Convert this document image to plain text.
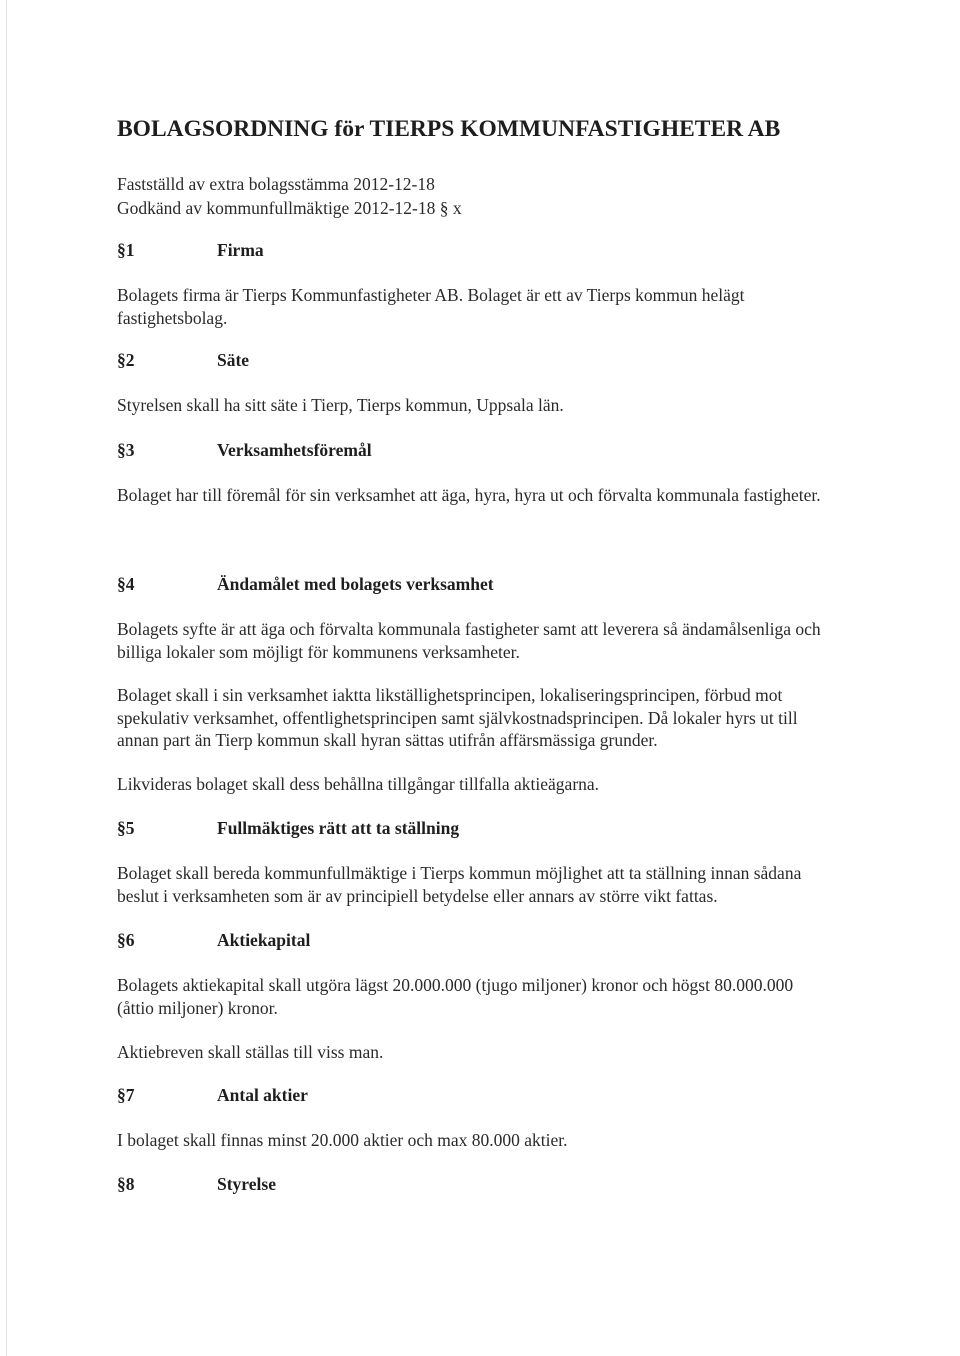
BOLAGSORDNING för TIERPS KOMMUNFASTIGHETER AB
Fastställd av extra bolagsstämma 2012-12-18
Godkänd av kommunfullmäktige 2012-12-18 § x
§1	Firma

Bolagets firma är Tierps Kommunfastigheter AB. Bolaget är ett av Tierps kommun helägt fastighetsbolag.

§2	Säte

Styrelsen skall ha sitt säte i Tierp, Tierps kommun, Uppsala län.

§3	Verksamhetsföremål

Bolaget har till föremål för sin verksamhet att äga, hyra, hyra ut och förvalta kommunala fastigheter.

§4	Ändamålet med bolagets verksamhet

Bolagets syfte är att äga och förvalta kommunala fastigheter samt att leverera så ändamålsenliga och billiga lokaler som möjligt för kommunens verksamheter.

Bolaget skall i sin verksamhet iaktta likställighetsprincipen, lokaliseringsprincipen, förbud mot spekulativ verksamhet, offentlighetsprincipen samt självkostnadsprincipen. Då lokaler hyrs ut till annan part än Tierp kommun skall hyran sättas utifrån affärsmässiga grunder.

Likvideras bolaget skall dess behållna tillgångar tillfalla aktieägarna.

§5	Fullmäktiges rätt att ta ställning

Bolaget skall bereda kommunfullmäktige i Tierps kommun möjlighet att ta ställning innan sådana beslut i verksamheten som är av principiell betydelse eller annars av större vikt fattas.

§6	Aktiekapital

Bolagets aktiekapital skall utgöra lägst 20.000.000 (tjugo miljoner) kronor och högst 80.000.000 (åttio miljoner) kronor.

Aktiebreven skall ställas till viss man.

§7	Antal aktier

I bolaget skall finnas minst 20.000 aktier och max 80.000 aktier.

§8	Styrelse
